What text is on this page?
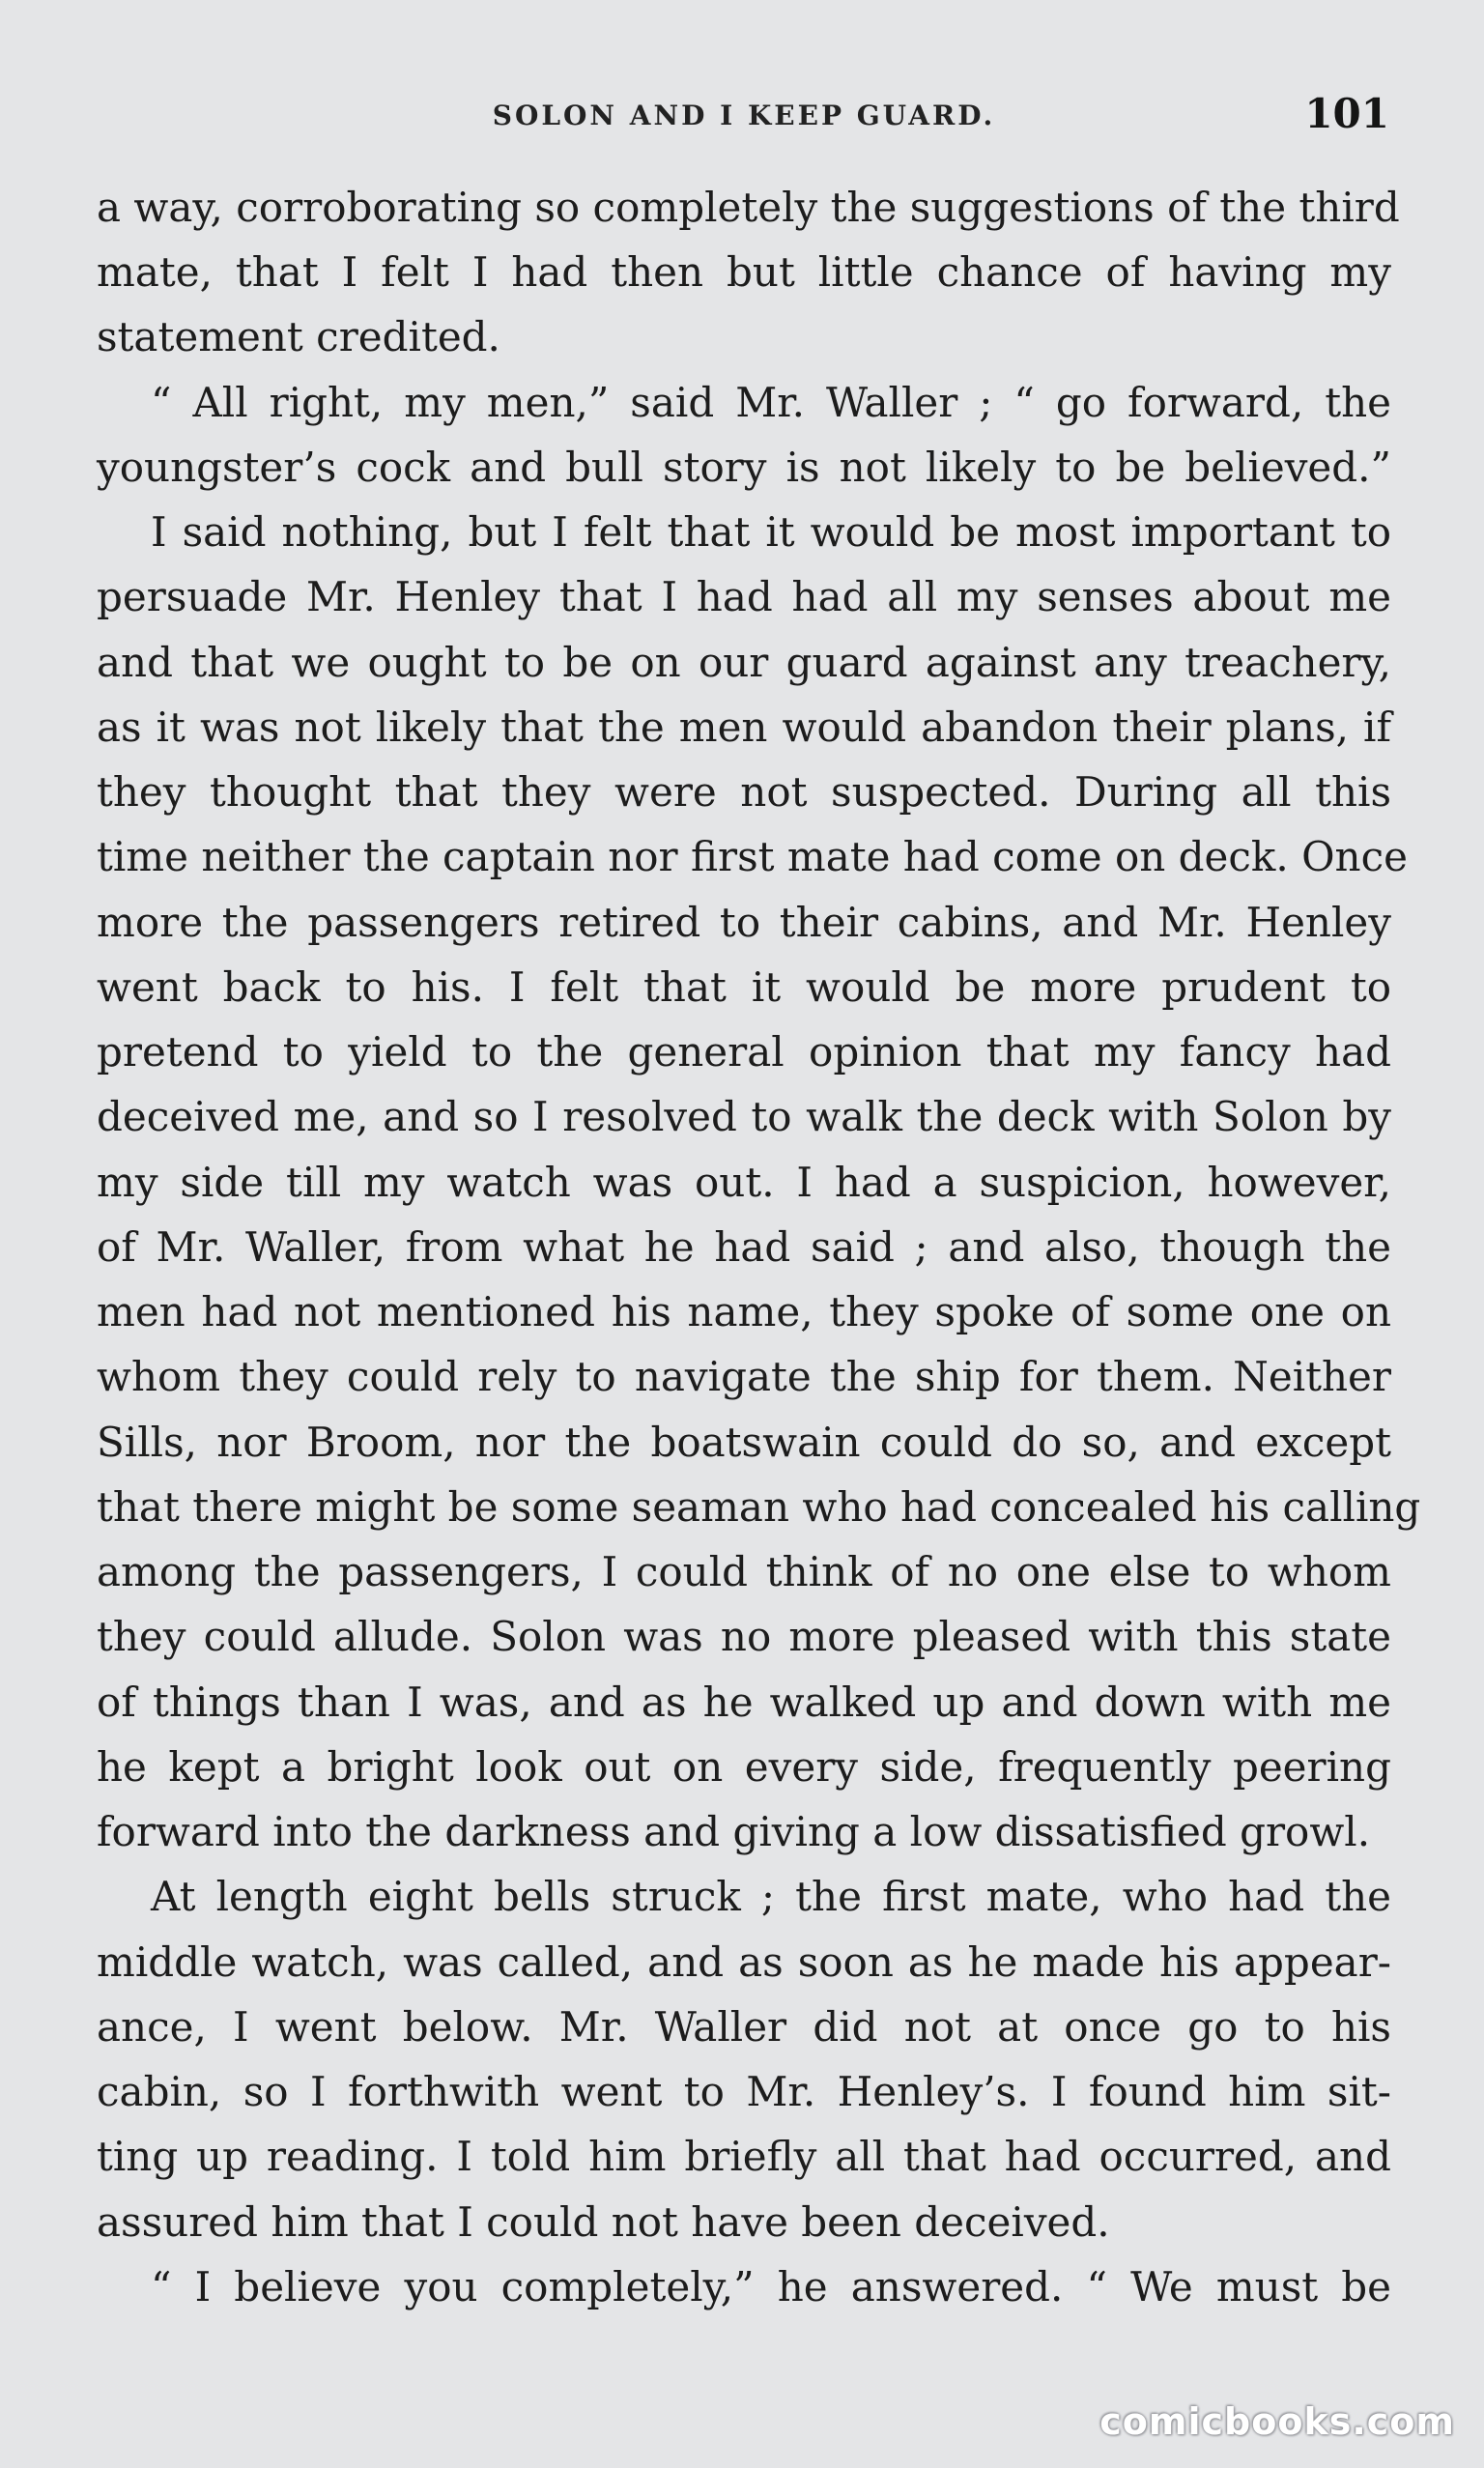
SOLON AND I KEEP GUARD.	101
a way, corroborating so completely the suggestions of the third
mate, that I felt I had then but little chance of having my
statement credited.
“ All right, my men,” said Mr. Waller ; “ go forward, the
youngster’s cock and bull story is not likely to be believed.”
I said nothing, but I felt that it would be most important to
persuade Mr. Henley that I had had all my senses about me
and that we ought to be on our guard against any treachery,
as it was not likely that the men would abandon their plans, if
they thought that they were not suspected. During all this
time neither the captain nor first mate had come on deck. Once
more the passengers retired to their cabins, and Mr. Henley
went back to his. I felt that it would be more prudent to
pretend to yield to the general opinion that my fancy had
deceived me, and so I resolved to walk the deck with Solon by
my side till my watch was out. I had a suspicion, however,
of Mr. Waller, from what he had said ; and also, though the
men had not mentioned his name, they spoke of some one on
whom they could rely to navigate the ship for them. Neither
Sills, nor Broom, nor the boatswain could do so, and except
that there might be some seaman who had concealed his calling
among the passengers, I could think of no one else to whom
they could allude. Solon was no more pleased with this state
of things than I was, and as he walked up and down with me
he kept a bright look out on every side, frequently peering
forward into the darkness and giving a low dissatisfied growl.
At length eight bells struck ; the first mate, who had the
middle watch, was called, and as soon as he made his appear-
ance, I went below. Mr. Waller did not at once go to his
cabin, so I forthwith went to Mr. Henley’s. I found him sit-
ting up reading. I told him briefly all that had occurred, and
assured him that I could not have been deceived.
“ I believe you completely,” he answered. “ We must be
comicbooks.com
